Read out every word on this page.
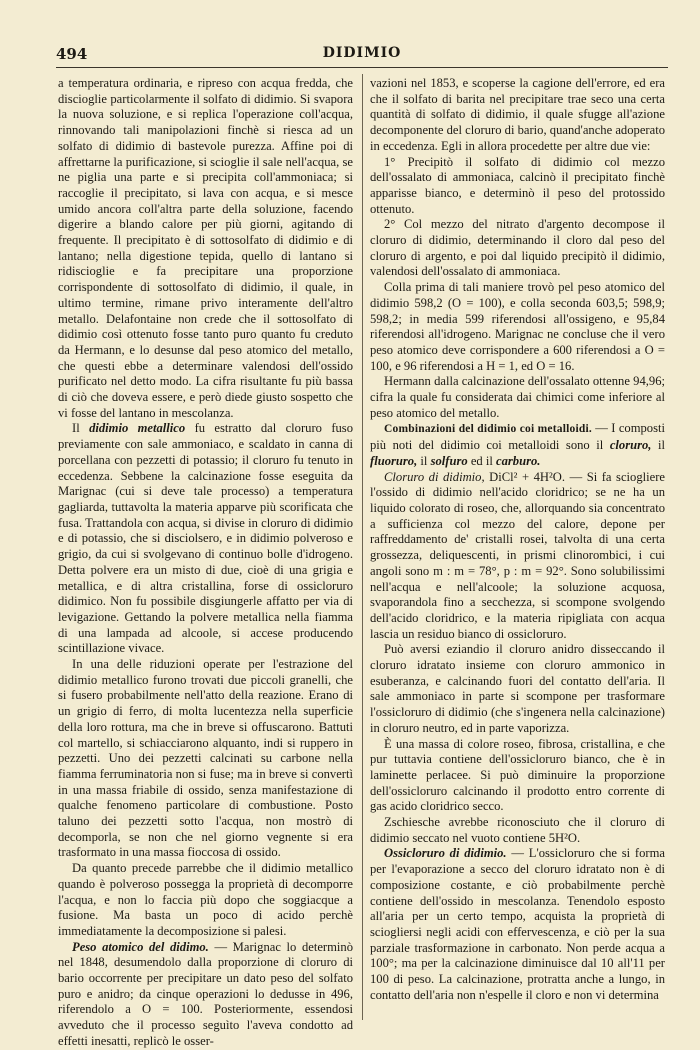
494	DIDIMIO

a temperatura ordinaria, e ripreso con acqua fredda, che discioglie particolarmente il solfato di didimio. Si svapora la nuova soluzione, e si replica l'operazione coll'acqua, rinnovando tali manipolazioni finchè si riesca ad un solfato di didimio di bastevole purezza. Affine poi di affrettarne la purificazione, si scioglie il sale nell'acqua, se ne piglia una parte e si precipita coll'ammoniaca; si raccoglie il precipitato, si lava con acqua, e si mesce umido ancora coll'altra parte della soluzione, facendo digerire a blando calore per più giorni, agitando di frequente. Il precipitato è di sottosolfato di didimio e di lantano; nella digestione tepida, quello di lantano si ridiscioglie e fa precipitare una proporzione corrispondente di sottosolfato di didimio, il quale, in ultimo termine, rimane privo interamente dell'altro metallo. Delafontaine non crede che il sottosolfato di didimio così ottenuto fosse tanto puro quanto fu creduto da Hermann, e lo desunse dal peso atomico del metallo, che questi ebbe a determinare valendosi dell'ossido purificato nel detto modo. La cifra risultante fu più bassa di ciò che doveva essere, e però diede giusto sospetto che vi fosse del lantano in mescolanza.

Il didimio metallico fu estratto dal cloruro fuso previamente con sale ammoniaco, e scaldato in canna di porcellana con pezzetti di potassio; il cloruro fu tenuto in eccedenza. Sebbene la calcinazione fosse eseguita da Marignac (cui si deve tale processo) a temperatura gagliarda, tuttavolta la materia apparve più scorificata che fusa. Trattandola con acqua, si divise in cloruro di didimio e di potassio, che si disciolsero, e in didimio polveroso e grigio, da cui si svolgevano di continuo bolle d'idrogeno. Detta polvere era un misto di due, cioè di una grigia e metallica, e di altra cristallina, forse di ossicloruro didimico. Non fu possibile disgiungerle affatto per via di levigazione. Gettando la polvere metallica nella fiamma di una lampada ad alcoole, si accese producendo scintillazione vivace.

In una delle riduzioni operate per l'estrazione del didimio metallico furono trovati due piccoli granelli, che si fusero probabilmente nell'atto della reazione. Erano di un grigio di ferro, di molta lucentezza nella superficie della loro rottura, ma che in breve si offuscarono. Battuti col martello, si schiacciarono alquanto, indi si ruppero in pezzetti. Uno dei pezzetti calcinati su carbone nella fiamma ferruminatoria non si fuse; ma in breve si convertì in una massa friabile di ossido, senza manifestazione di qualche fenomeno particolare di combustione. Posto taluno dei pezzetti sotto l'acqua, non mostrò di decomporla, se non che nel giorno vegnente si era trasformato in una massa fioccosa di ossido.

Da quanto precede parrebbe che il didimio metallico quando è polveroso possegga la proprietà di decomporre l'acqua, e non lo faccia più dopo che soggiacque a fusione. Ma basta un poco di acido perchè immediatamente la decomposizione si palesi.

Peso atomico del didimo. — Marignac lo determinò nel 1848, desumendolo dalla proporzione di cloruro di bario occorrente per precipitare un dato peso del solfato puro e anidro; da cinque operazioni lo dedusse in 496, riferendolo a O = 100. Posteriormente, essendosi avveduto che il processo seguìto l'aveva condotto ad effetti inesatti, replicò le osser-

vazioni nel 1853, e scoperse la cagione dell'errore, ed era che il solfato di barita nel precipitare trae seco una certa quantità di solfato di didimio, il quale sfugge all'azione decomponente del cloruro di bario, quand'anche adoperato in eccedenza. Egli in allora procedette per altre due vie:

1° Precipitò il solfato di didimio col mezzo dell'ossalato di ammoniaca, calcinò il precipitato finchè apparisse bianco, e determinò il peso del protossido ottenuto.

2° Col mezzo del nitrato d'argento decompose il cloruro di didimio, determinando il cloro dal peso del cloruro di argento, e poi dal liquido precipitò il didimio, valendosi dell'ossalato di ammoniaca.

Colla prima di tali maniere trovò pel peso atomico del didimio 598,2 (O = 100), e colla seconda 603,5; 598,9; 598,2; in media 599 riferendosi all'ossigeno, e 95,84 riferendosi all'idrogeno. Marignac ne concluse che il vero peso atomico deve corrispondere a 600 riferendosi a O = 100, e 96 riferendosi a H = 1, ed O = 16.

Hermann dalla calcinazione dell'ossalato ottenne 94,96; cifra la quale fu considerata dai chimici come inferiore al peso atomico del metallo.

Combinazioni del didimio coi metalloidi. — I composti più noti del didimio coi metalloidi sono il cloruro, il fluoruro, il solfuro ed il carburo.

Cloruro di didimio, DiCl² + 4H²O. — Si fa sciogliere l'ossido di didimio nell'acido cloridrico; se ne ha un liquido colorato di roseo, che, allorquando sia concentrato a sufficienza col mezzo del calore, depone per raffreddamento de' cristalli rosei, talvolta di una certa grossezza, deliquescenti, in prismi clinorombici, i cui angoli sono m : m = 78°, p : m = 92°. Sono solubilissimi nell'acqua e nell'alcoole; la soluzione acquosa, svaporandola fino a secchezza, si scompone svolgendo dell'acido cloridrico, e la materia ripigliata con acqua lascia un residuo bianco di ossicloruro.

Può aversi eziandio il cloruro anidro disseccando il cloruro idratato insieme con cloruro ammonico in esuberanza, e calcinando fuori del contatto dell'aria. Il sale ammoniaco in parte si scompone per trasformare l'ossicloruro di didimio (che s'ingenera nella calcinazione) in cloruro neutro, ed in parte vaporizza.

È una massa di colore roseo, fibrosa, cristallina, e che pur tuttavia contiene dell'ossicloruro bianco, che è in laminette perlacee. Si può diminuire la proporzione dell'ossicloruro calcinando il prodotto entro corrente di gas acido cloridrico secco.

Zschiesche avrebbe riconosciuto che il cloruro di didimio seccato nel vuoto contiene 5H²O.

Ossicloruro di didimio. — L'ossicloruro che si forma per l'evaporazione a secco del cloruro idratato non è di composizione costante, e ciò probabilmente perchè contiene dell'ossido in mescolanza. Tenendolo esposto all'aria per un certo tempo, acquista la proprietà di sciogliersi negli acidi con effervescenza, e ciò per la sua parziale trasformazione in carbonato. Non perde acqua a 100°; ma per la calcinazione diminuisce dal 10 all'11 per 100 di peso. La calcinazione, protratta anche a lungo, in contatto dell'aria non n'espelle il cloro e non vi determina
